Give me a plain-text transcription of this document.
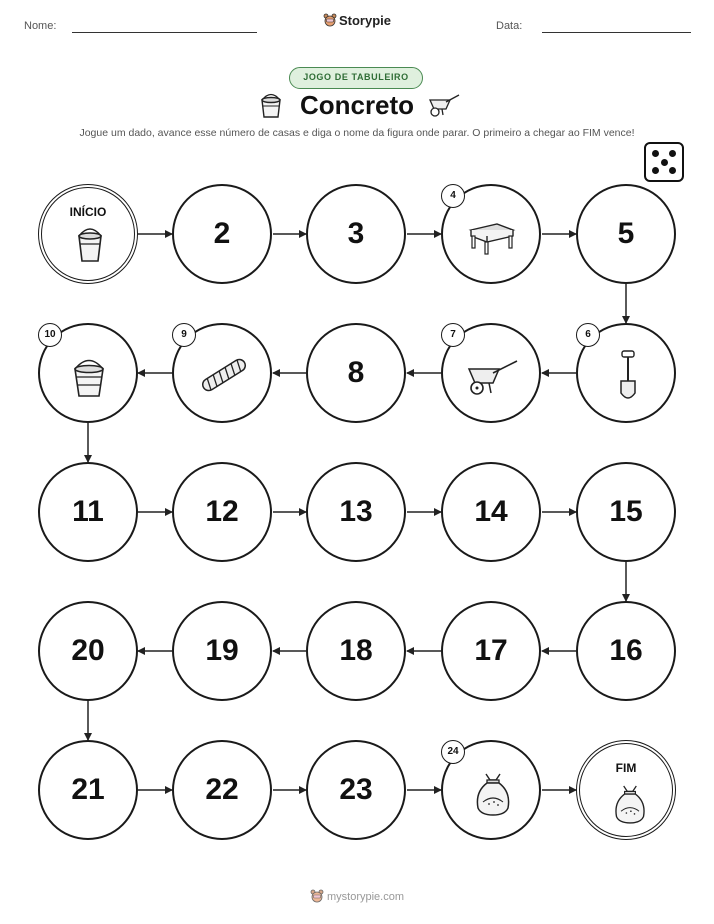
Nome:	Storypie	Data:
JOGO DE TABULEIRO
Concreto
Jogue um dado, avance esse número de casas e diga o nome da figura onde parar. O primeiro a chegar ao FIM vence!
INÍCIO
2	3
4
5
10	9
8
7	6
11	12	13	14	15
20	19	18	17	16
21	22	23
24
FIM
mystorypie.com
